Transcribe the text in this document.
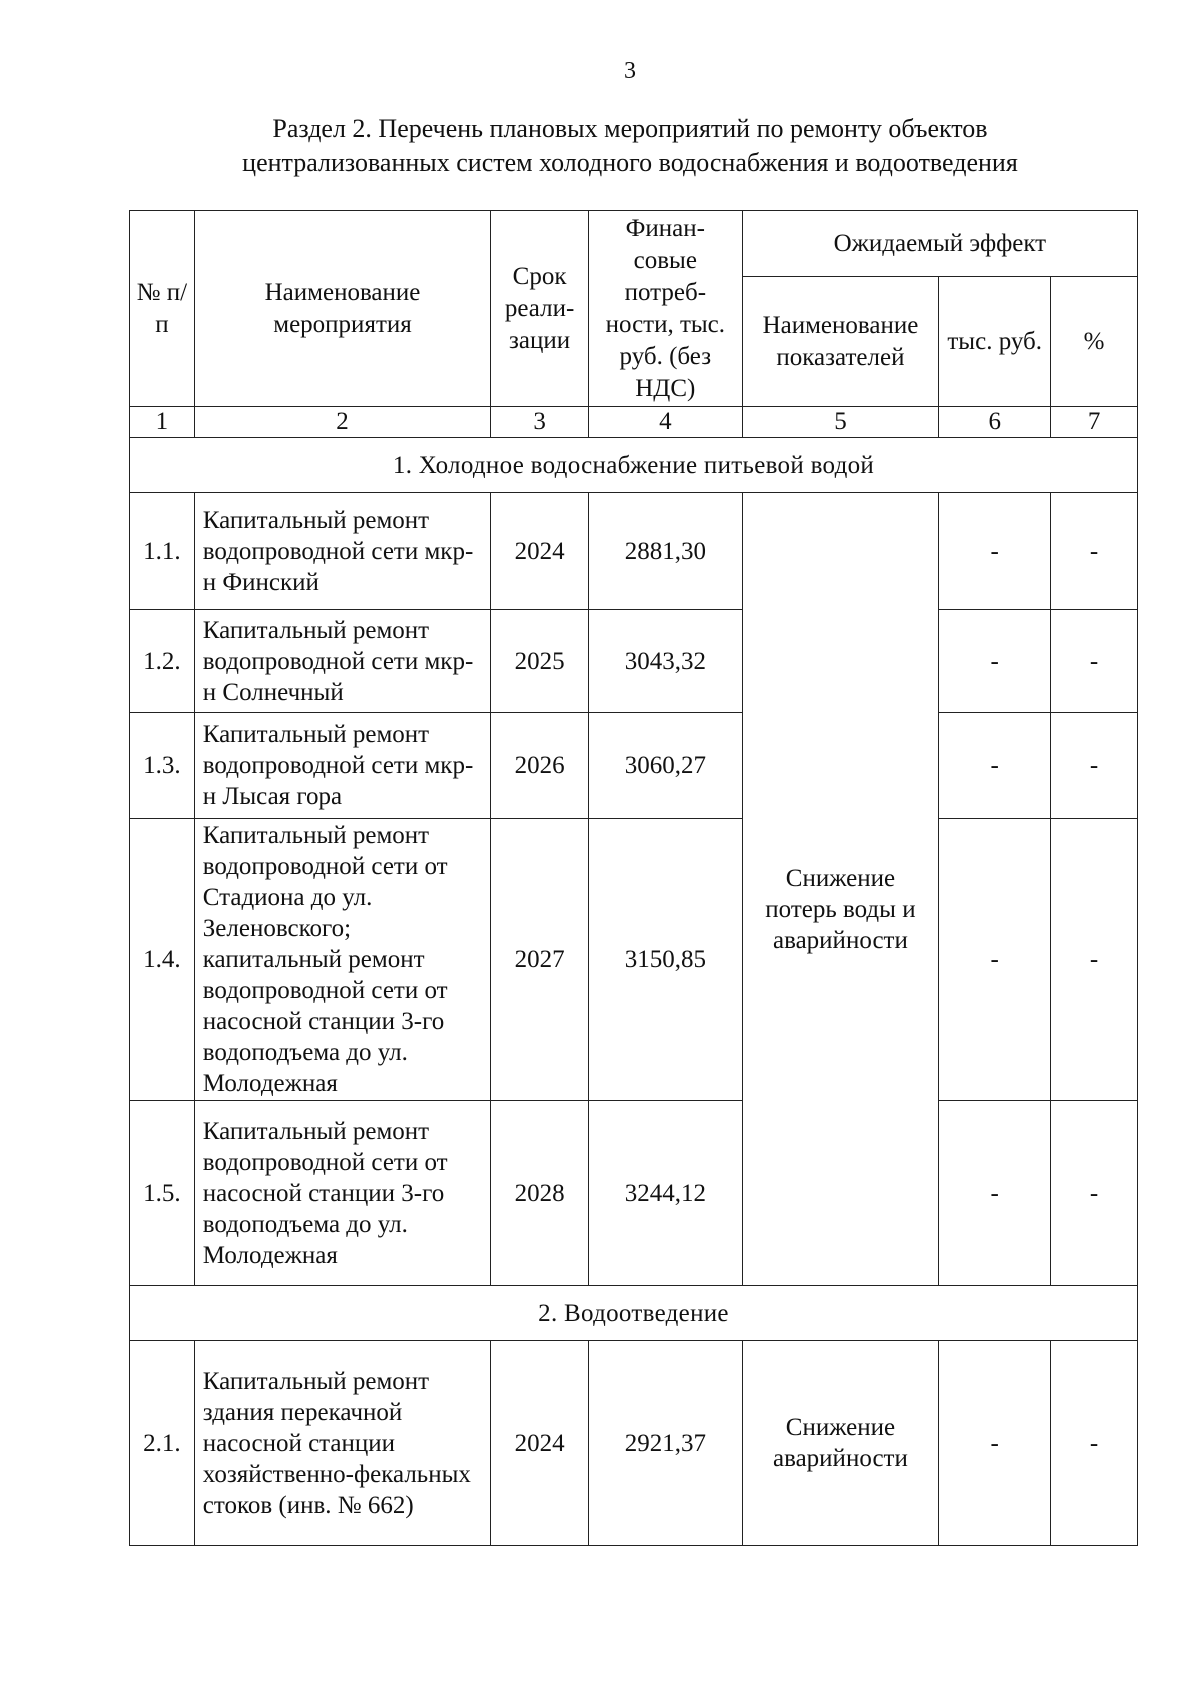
3
Раздел 2. Перечень плановых мероприятий по ремонту объектов
централизованных систем холодного водоснабжения и водоотведения
№ п/п	Наименование мероприятия	Срок реали-зации	Финан-совые потреб-ности, тыс. руб. (без НДС)	Ожидаемый эффект		
				Наименование показателей	тыс. руб.	%
1	2	3	4	5	6	7
1. Холодное водоснабжение питьевой водой						
1.1.	Капитальный ремонт водопроводной сети мкр-н Финский	2024	2881,30	Снижение потерь воды и аварийности	-	-
1.2.	Капитальный ремонт водопроводной сети мкр-н Солнечный	2025	3043,32		-	-
1.3.	Капитальный ремонт водопроводной сети мкр-н Лысая гора	2026	3060,27		-	-
1.4.	Капитальный ремонт водопроводной сети от Стадиона до ул. Зеленовского; капитальный ремонт водопроводной сети от насосной станции 3-го водоподъема до ул. Молодежная	2027	3150,85		-	-
1.5.	Капитальный ремонт водопроводной сети от насосной станции 3-го водоподъема до ул. Молодежная	2028	3244,12		-	-
2. Водоотведение						
2.1.	Капитальный ремонт здания перекачной насосной станции хозяйственно-фекальных стоков (инв. № 662)	2024	2921,37	Снижение аварийности	-	-
